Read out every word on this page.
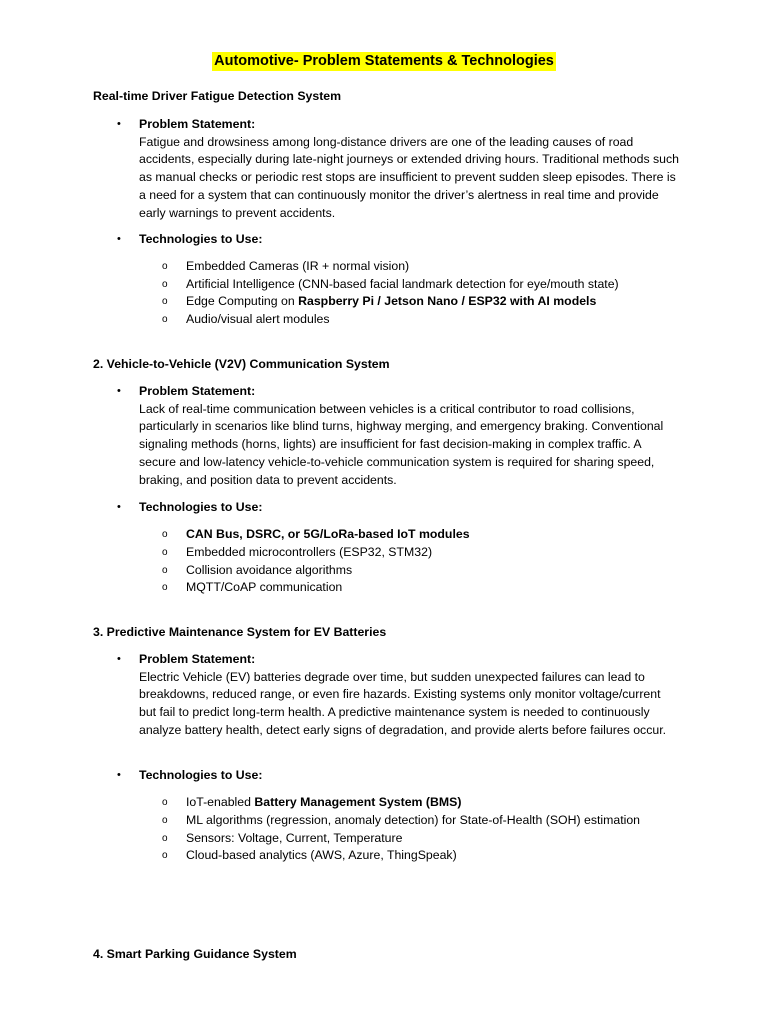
Automotive- Problem Statements & Technologies
Real-time Driver Fatigue Detection System
• Problem Statement:
Fatigue and drowsiness among long-distance drivers are one of the leading causes of road accidents, especially during late-night journeys or extended driving hours. Traditional methods such as manual checks or periodic rest stops are insufficient to prevent sudden sleep episodes. There is a need for a system that can continuously monitor the driver’s alertness in real time and provide early warnings to prevent accidents.
• Technologies to Use:
o Embedded Cameras (IR + normal vision)
o Artificial Intelligence (CNN-based facial landmark detection for eye/mouth state)
o Edge Computing on Raspberry Pi / Jetson Nano / ESP32 with AI models
o Audio/visual alert modules
2. Vehicle-to-Vehicle (V2V) Communication System
• Problem Statement:
Lack of real-time communication between vehicles is a critical contributor to road collisions, particularly in scenarios like blind turns, highway merging, and emergency braking. Conventional signaling methods (horns, lights) are insufficient for fast decision-making in complex traffic. A secure and low-latency vehicle-to-vehicle communication system is required for sharing speed, braking, and position data to prevent accidents.
• Technologies to Use:
o CAN Bus, DSRC, or 5G/LoRa-based IoT modules
o Embedded microcontrollers (ESP32, STM32)
o Collision avoidance algorithms
o MQTT/CoAP communication
3. Predictive Maintenance System for EV Batteries
• Problem Statement:
Electric Vehicle (EV) batteries degrade over time, but sudden unexpected failures can lead to breakdowns, reduced range, or even fire hazards. Existing systems only monitor voltage/current but fail to predict long-term health. A predictive maintenance system is needed to continuously analyze battery health, detect early signs of degradation, and provide alerts before failures occur.
• Technologies to Use:
o IoT-enabled Battery Management System (BMS)
o ML algorithms (regression, anomaly detection) for State-of-Health (SOH) estimation
o Sensors: Voltage, Current, Temperature
o Cloud-based analytics (AWS, Azure, ThingSpeak)
4. Smart Parking Guidance System
